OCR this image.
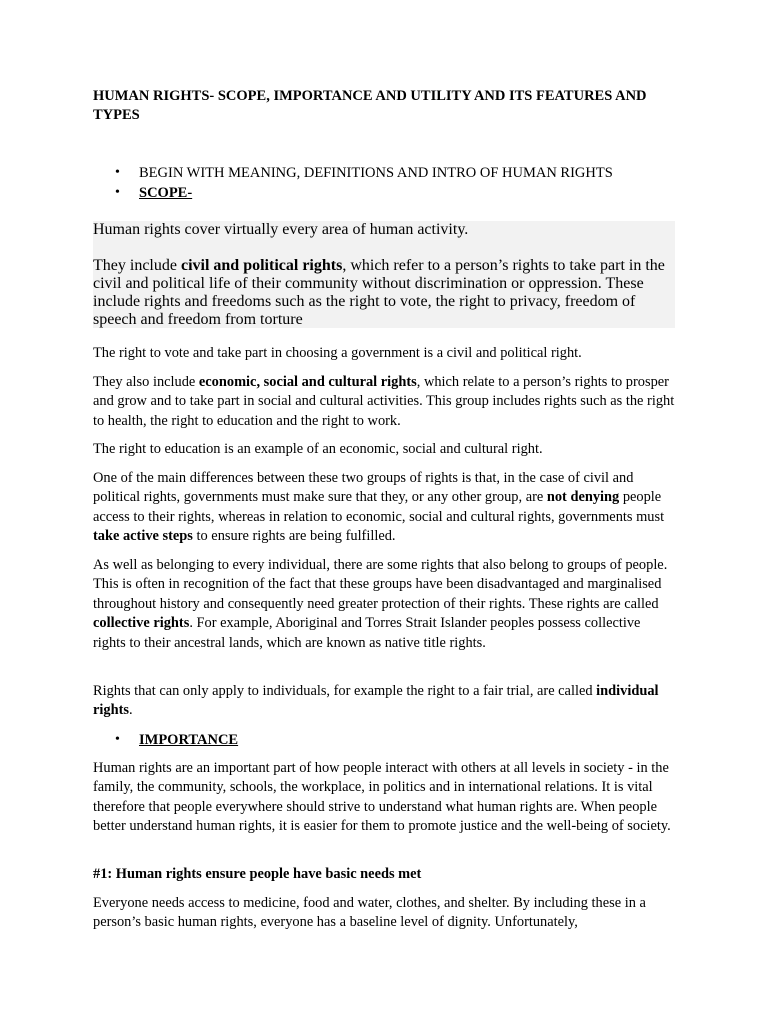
HUMAN RIGHTS- SCOPE, IMPORTANCE AND UTILITY AND ITS FEATURES AND TYPES
• BEGIN WITH MEANING, DEFINITIONS AND INTRO OF HUMAN RIGHTS
• SCOPE-

Human rights cover virtually every area of human activity.

They include civil and political rights, which refer to a person’s rights to take part in the civil and political life of their community without discrimination or oppression. These include rights and freedoms such as the right to vote, the right to privacy, freedom of speech and freedom from torture

The right to vote and take part in choosing a government is a civil and political right.

They also include economic, social and cultural rights, which relate to a person’s rights to prosper and grow and to take part in social and cultural activities. This group includes rights such as the right to health, the right to education and the right to work.

The right to education is an example of an economic, social and cultural right.

One of the main differences between these two groups of rights is that, in the case of civil and political rights, governments must make sure that they, or any other group, are not denying people access to their rights, whereas in relation to economic, social and cultural rights, governments must take active steps to ensure rights are being fulfilled.

As well as belonging to every individual, there are some rights that also belong to groups of people. This is often in recognition of the fact that these groups have been disadvantaged and marginalised throughout history and consequently need greater protection of their rights. These rights are called collective rights. For example, Aboriginal and Torres Strait Islander peoples possess collective rights to their ancestral lands, which are known as native title rights.

Rights that can only apply to individuals, for example the right to a fair trial, are called individual rights.

• IMPORTANCE

Human rights are an important part of how people interact with others at all levels in society - in the family, the community, schools, the workplace, in politics and in international relations. It is vital therefore that people everywhere should strive to understand what human rights are. When people better understand human rights, it is easier for them to promote justice and the well-being of society.

#1: Human rights ensure people have basic needs met

Everyone needs access to medicine, food and water, clothes, and shelter. By including these in a person’s basic human rights, everyone has a baseline level of dignity. Unfortunately,
